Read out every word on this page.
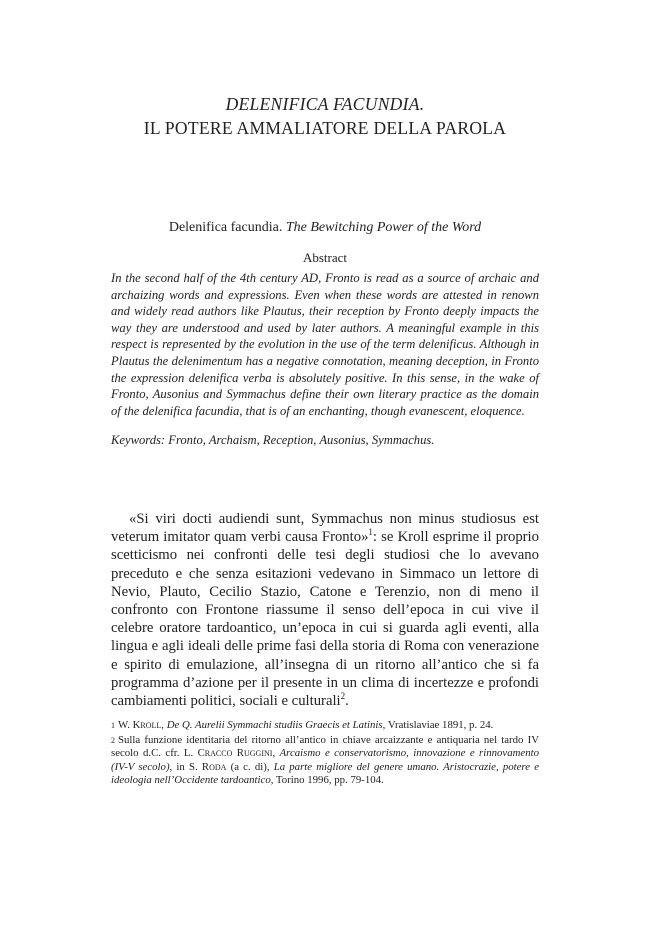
DELENIFICA FACUNDIA.
IL POTERE AMMALIATORE DELLA PAROLA
Delenifica facundia. The Bewitching Power of the Word
Abstract

In the second half of the 4th century AD, Fronto is read as a source of archaic and archaizing words and expressions. Even when these words are attested in renown and widely read authors like Plautus, their reception by Fronto deeply impacts the way they are understood and used by later authors. A meaningful example in this respect is represented by the evolution in the use of the term delenificus. Although in Plautus the delenimentum has a negative connotation, meaning deception, in Fronto the expression delenifica verba is absolutely positive. In this sense, in the wake of Fronto, Ausonius and Symmachus define their own literary practice as the domain of the delenifica facundia, that is of an enchanting, though evanescent, eloquence.

Keywords: Fronto, Archaism, Reception, Ausonius, Symmachus.

«Si viri docti audiendi sunt, Symmachus non minus studiosus est veterum imitator quam verbi causa Fronto»$^1$: se Kroll esprime il proprio scetticismo nei confronti delle tesi degli studiosi che lo avevano preceduto e che senza esitazioni vedevano in Simmaco un lettore di Nevio, Plauto, Cecilio Stazio, Catone e Terenzio, non di meno il confronto con Frontone riassume il senso dell’epoca in cui vive il celebre oratore tardoantico, un’epoca in cui si guarda agli eventi, alla lingua e agli ideali delle prime fasi della storia di Roma con venerazione e spirito di emulazione, all’insegna di un ritorno all’antico che si fa programma d’azione per il presente in un clima di incertezze e profondi cambiamenti politici, sociali e culturali$^2$.

1 W. Kroll, De Q. Aurelii Symmachi studiis Graecis et Latinis, Vratislaviae 1891, p. 24.

2 Sulla funzione identitaria del ritorno all’antico in chiave arcaizzante e antiquaria nel tardo IV secolo d.C. cfr. L. Cracco Ruggini, Arcaismo e conservatorismo, innovazione e rinnovamento (IV-V secolo), in S. Roda (a c. di), La parte migliore del genere umano. Aristocrazie, potere e ideologia nell’Occidente tardoantico, Torino 1996, pp. 79-104.
